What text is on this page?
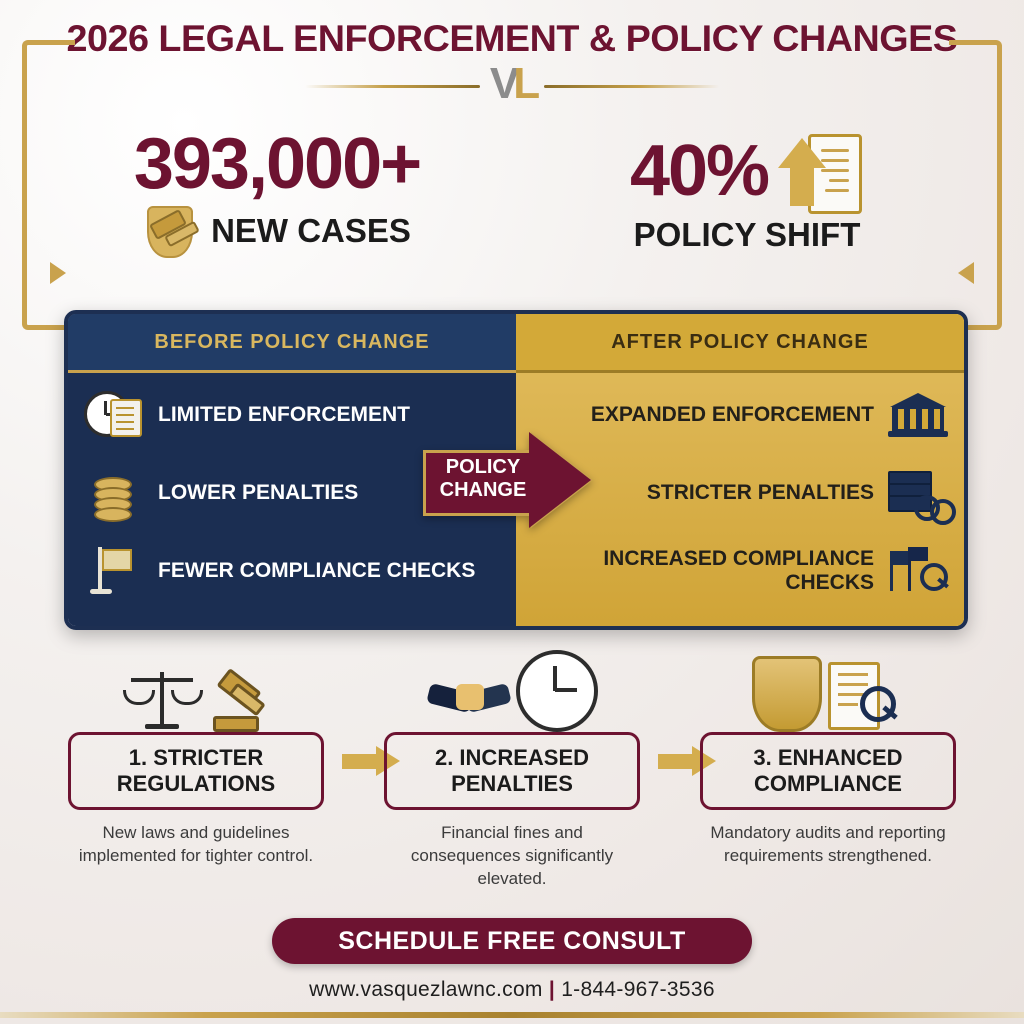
2026 LEGAL ENFORCEMENT & POLICY CHANGES
VL
393,000+
NEW CASES
40%
POLICY SHIFT
BEFORE POLICY CHANGE
LIMITED ENFORCEMENT
LOWER PENALTIES
FEWER COMPLIANCE CHECKS
AFTER POLICY CHANGE
EXPANDED ENFORCEMENT
STRICTER PENALTIES
INCREASED COMPLIANCE CHECKS
POLICY
CHANGE
1. STRICTER REGULATIONS
New laws and guidelines implemented for tighter control.
2. INCREASED PENALTIES
Financial fines and consequences significantly elevated.
3. ENHANCED COMPLIANCE
Mandatory audits and reporting requirements strengthened.
SCHEDULE FREE CONSULT
www.vasquezlawnc.com | 1-844-967-3536
